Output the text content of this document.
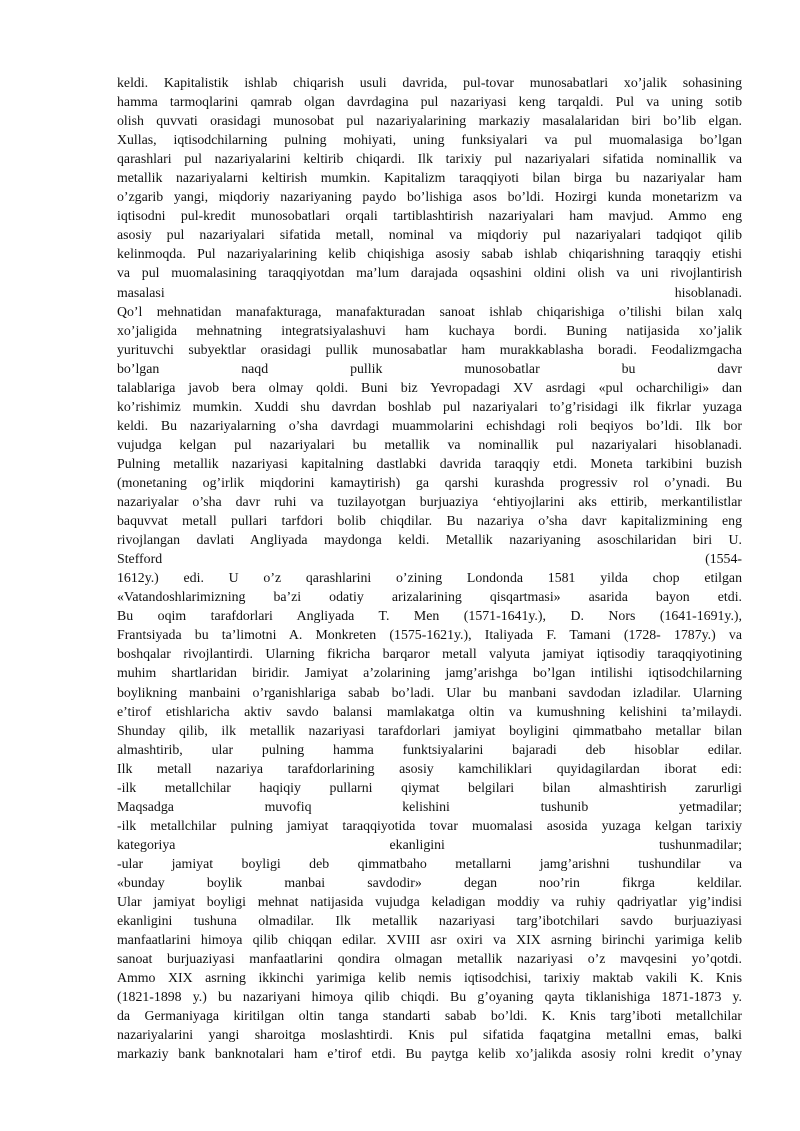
keldi. Kapitalistik ishlab chiqarish usuli davrida, pul-tovar munosabatlari xo’jalik sohasining
hamma tarmoqlarini qamrab olgan davrdagina pul nazariyasi keng tarqaldi. Pul va uning sotib
olish quvvati orasidagi munosobat pul nazariyalarining markaziy masalalaridan biri bo’lib elgan.
Xullas, iqtisodchilarning pulning mohiyati, uning funksiyalari va pul muomalasiga bo’lgan
qarashlari pul nazariyalarini keltirib chiqardi. Ilk tarixiy pul nazariyalari sifatida nominallik va
metallik nazariyalarni keltirish mumkin. Kapitalizm taraqqiyoti bilan birga bu nazariyalar ham
o’zgarib yangi, miqdoriy nazariyaning paydo bo’lishiga asos bo’ldi. Hozirgi kunda monetarizm va
iqtisodni pul-kredit munosobatlari orqali tartiblashtirish nazariyalari ham mavjud. Ammo eng
asosiy pul nazariyalari sifatida metall, nominal va miqdoriy pul nazariyalari tadqiqot qilib
kelinmoqda. Pul nazariyalarining kelib chiqishiga asosiy sabab ishlab chiqarishning taraqqiy etishi
va pul muomalasining taraqqiyotdan ma’lum darajada oqsashini oldini olish va uni rivojlantirish
masalasi hisoblanadi.
Qo’l mehnatidan manafakturaga, manafakturadan sanoat ishlab chiqarishiga o’tilishi bilan xalq
xo’jaligida mehnatning integratsiyalashuvi ham kuchaya bordi. Buning natijasida xo’jalik
yurituvchi subyektlar orasidagi pullik munosabatlar ham murakkablasha boradi. Feodalizmgacha
bo’lgan naqd pullik munosobatlar bu davr
talablariga javob bera olmay qoldi. Buni biz Yevropadagi XV asrdagi «pul ocharchiligi» dan
ko’rishimiz mumkin. Xuddi shu davrdan boshlab pul nazariyalari to’g’risidagi ilk fikrlar yuzaga
keldi. Bu nazariyalarning o’sha davrdagi muammolarini echishdagi roli beqiyos bo’ldi. Ilk bor
vujudga kelgan pul nazariyalari bu metallik va nominallik pul nazariyalari hisoblanadi.
Pulning metallik nazariyasi kapitalning dastlabki davrida taraqqiy etdi. Moneta tarkibini buzish
(monetaning og’irlik miqdorini kamaytirish) ga qarshi kurashda progressiv rol o’ynadi. Bu
nazariyalar o’sha davr ruhi va tuzilayotgan burjuaziya ‘ehtiyojlarini aks ettirib, merkantilistlar
baquvvat metall pullari tarfdori bolib chiqdilar. Bu nazariya o’sha davr kapitalizmining eng
rivojlangan davlati Angliyada maydonga keldi. Metallik nazariyaning asoschilaridan biri U.
Stefford (1554-
1612y.) edi. U o’z qarashlarini o’zining Londonda 1581 yilda chop etilgan
«Vatandoshlarimizning ba’zi odatiy arizalarining qisqartmasi» asarida bayon etdi.
Bu oqim tarafdorlari Angliyada T. Men (1571-1641y.), D. Nors (1641-1691y.),
Frantsiyada bu ta’limotni A. Monkreten (1575-1621y.), Italiyada F. Tamani (1728- 1787y.) va
boshqalar rivojlantirdi. Ularning fikricha barqaror metall valyuta jamiyat iqtisodiy taraqqiyotining
muhim shartlaridan biridir. Jamiyat a’zolarining jamg’arishga bo’lgan intilishi iqtisodchilarning
boylikning manbaini o’rganishlariga sabab bo’ladi. Ular bu manbani savdodan izladilar. Ularning
e’tirof etishlaricha aktiv savdo balansi mamlakatga oltin va kumushning kelishini ta’milaydi.
Shunday qilib, ilk metallik nazariyasi tarafdorlari jamiyat boyligini qimmatbaho metallar bilan
almashtirib, ular pulning hamma funktsiyalarini bajaradi deb hisoblar edilar.
Ilk metall nazariya tarafdorlarining asosiy kamchiliklari quyidagilardan iborat edi:
-ilk metallchilar haqiqiy pullarni qiymat belgilari bilan almashtirish zarurligi
Maqsadga muvofiq kelishini tushunib yetmadilar;
-ilk metallchilar pulning jamiyat taraqqiyotida tovar muomalasi asosida yuzaga kelgan tarixiy
kategoriya ekanligini tushunmadilar;
-ular jamiyat boyligi deb qimmatbaho metallarni jamg’arishni tushundilar va
«bunday boylik manbai savdodir» degan noo’rin fikrga keldilar.
Ular jamiyat boyligi mehnat natijasida vujudga keladigan moddiy va ruhiy qadriyatlar yig’indisi
ekanligini tushuna olmadilar. Ilk metallik nazariyasi targ’ibotchilari savdo burjuaziyasi
manfaatlarini himoya qilib chiqqan edilar. XVIII asr oxiri va XIX asrning birinchi yarimiga kelib
sanoat burjuaziyasi manfaatlarini qondira olmagan metallik nazariyasi o’z mavqesini yo’qotdi.
Ammo XIX asrning ikkinchi yarimiga kelib nemis iqtisodchisi, tarixiy maktab vakili K. Knis
(1821-1898 y.) bu nazariyani himoya qilib chiqdi. Bu g’oyaning qayta tiklanishiga 1871-1873 y.
da Germaniyaga kiritilgan oltin tanga standarti sabab bo’ldi. K. Knis targ’iboti metallchilar
nazariyalarini yangi sharoitga moslashtirdi. Knis pul sifatida faqatgina metallni emas, balki
markaziy bank banknotalari ham e’tirof etdi. Bu paytga kelib xo’jalikda asosiy rolni kredit o’ynay
